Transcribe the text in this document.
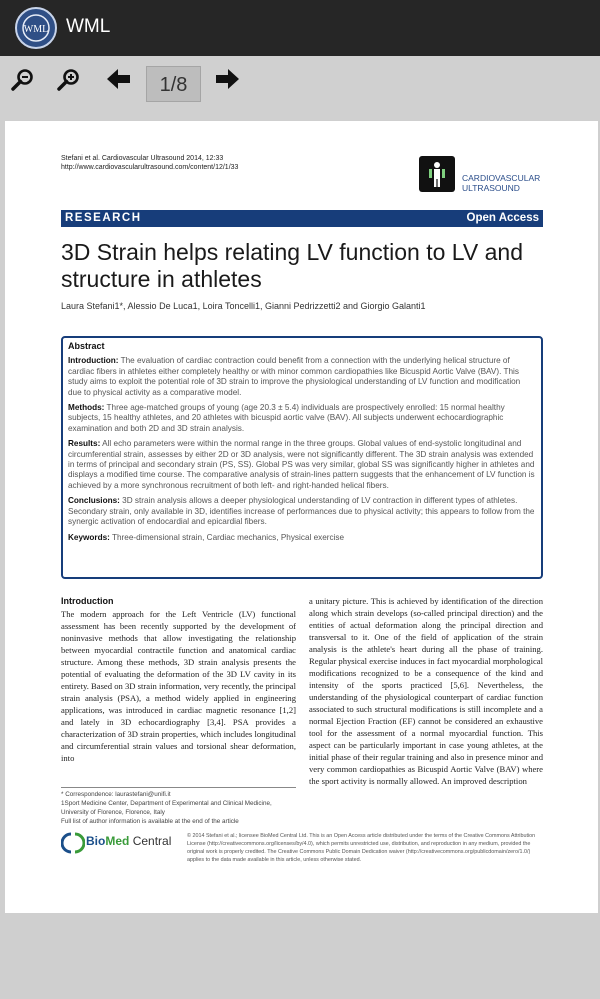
WML WML
1/8
Stefani et al. Cardiovascular Ultrasound 2014, 12:33
http://www.cardiovascularultrasound.com/content/12/1/33
CARDIOVASCULAR
ULTRASOUND
RESEARCH	Open Access
3D Strain helps relating LV function to LV and structure in athletes
Laura Stefani1*, Alessio De Luca1, Loira Toncelli1, Gianni Pedrizzetti2 and Giorgio Galanti1
Abstract

Introduction: The evaluation of cardiac contraction could benefit from a connection with the underlying helical structure of cardiac fibers in athletes either completely healthy or with minor common cardiopathies like Bicuspid Aortic Valve (BAV). This study aims to exploit the potential role of 3D strain to improve the physiological understanding of LV function and modification due to physical activity as a comparative model.

Methods: Three age-matched groups of young (age 20.3 ± 5.4) individuals are prospectively enrolled: 15 normal healthy subjects, 15 healthy athletes, and 20 athletes with bicuspid aortic valve (BAV). All subjects underwent echocardiographic examination and both 2D and 3D strain analysis.

Results: All echo parameters were within the normal range in the three groups. Global values of end-systolic longitudinal and circumferential strain, assesses by either 2D or 3D analysis, were not significantly different. The 3D strain analysis was extended in terms of principal and secondary strain (PS, SS). Global PS was very similar, global SS was significantly higher in athletes and displays a modified time course. The comparative analysis of strain-lines pattern suggests that the enhancement of LV function is achieved by a more synchronous recruitment of both left- and right-handed helical fibers.

Conclusions: 3D strain analysis allows a deeper physiological understanding of LV contraction in different types of athletes. Secondary strain, only available in 3D, identifies increase of performances due to physical activity; this appears to follow from the synergic activation of endocardial and epicardial fibers.

Keywords: Three-dimensional strain, Cardiac mechanics, Physical exercise

Introduction
The modern approach for the Left Ventricle (LV) functional assessment has been recently supported by the development of noninvasive methods that allow investigating the relationship between myocardial contractile function and anatomical cardiac structure. Among these methods, 3D strain analysis presents the potential of evaluating the deformation of the 3D LV cavity in its entirety. Based on 3D strain information, very recently, the principal strain analysis (PSA), a method widely applied in engineering applications, was introduced in cardiac magnetic resonance [1,2] and lately in 3D echocardiography [3,4]. PSA provides a characterization of 3D strain properties, which includes longitudinal and circumferential strain values and torsional shear deformation, into
a unitary picture. This is achieved by identification of the direction along which strain develops (so-called principal direction) and the entities of actual deformation along the principal direction and transversal to it. One of the field of application of the strain analysis is the athlete's heart during all the phase of training. Regular physical exercise induces in fact myocardial morphological modifications recognized to be a consequence of the kind and intensity of the sports practiced [5,6]. Nevertheless, the understanding of the physiological counterpart of cardiac function associated to such structural modifications is still incomplete and a normal Ejection Fraction (EF) cannot be considered an exhaustive tool for the assessment of a normal myocardial function. This aspect can be particularly important in case young athletes, at the initial phase of their regular training and also in presence minor and very common cardiopathies as Bicuspid Aortic Valve (BAV) where the sport activity is normally allowed. An improved description
* Correspondence: laurastefani@unifi.it
1Sport Medicine Center, Department of Experimental and Clinical Medicine, University of Florence, Florence, Italy
Full list of author information is available at the end of the article
BioMed Central	© 2014 Stefani et al.; licensee BioMed Central Ltd. This is an Open Access article distributed under the terms of the Creative Commons Attribution License (http://creativecommons.org/licenses/by/4.0), which permits unrestricted use, distribution, and reproduction in any medium, provided the original work is properly credited. The Creative Commons Public Domain Dedication waiver (http://creativecommons.org/publicdomain/zero/1.0/) applies to the data made available in this article, unless otherwise stated.
